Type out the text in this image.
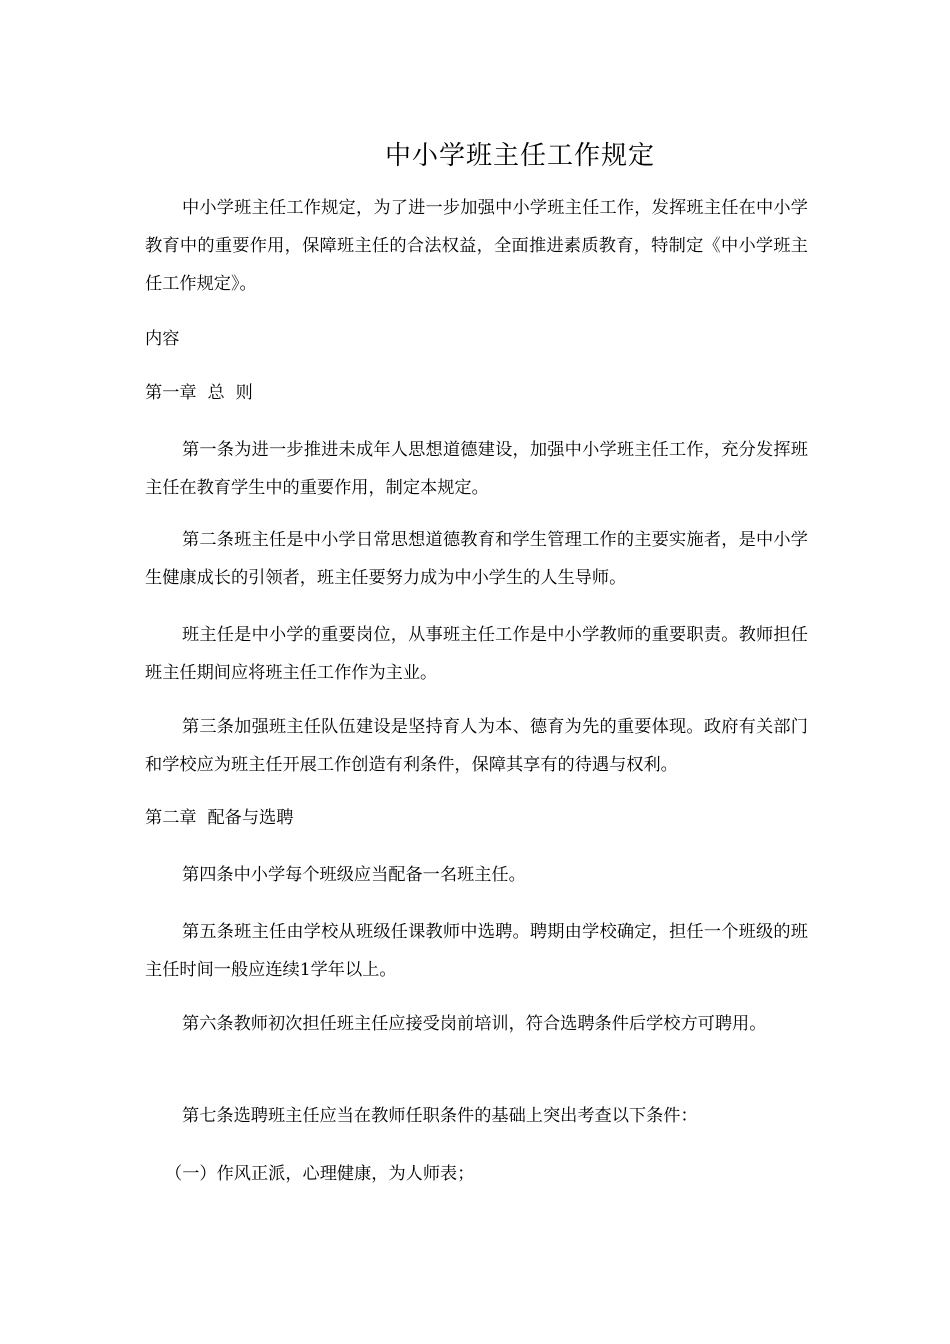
中小学班主任工作规定
中小学班主任工作规定，为了进一步加强中小学班主任工作，发挥班主任在中小学教育中的重要作用，保障班主任的合法权益，全面推进素质教育，特制定《中小学班主任工作规定》。
内容
第一章  总  则
第一条为进一步推进未成年人思想道德建设，加强中小学班主任工作，充分发挥班主任在教育学生中的重要作用，制定本规定。
第二条班主任是中小学日常思想道德教育和学生管理工作的主要实施者，是中小学生健康成长的引领者，班主任要努力成为中小学生的人生导师。
班主任是中小学的重要岗位，从事班主任工作是中小学教师的重要职责。教师担任班主任期间应将班主任工作作为主业。
第三条加强班主任队伍建设是坚持育人为本、德育为先的重要体现。政府有关部门和学校应为班主任开展工作创造有利条件，保障其享有的待遇与权利。
第二章  配备与选聘
第四条中小学每个班级应当配备一名班主任。
第五条班主任由学校从班级任课教师中选聘。聘期由学校确定，担任一个班级的班主任时间一般应连续1学年以上。
第六条教师初次担任班主任应接受岗前培训，符合选聘条件后学校方可聘用。
第七条选聘班主任应当在教师任职条件的基础上突出考查以下条件：
（一）作风正派，心理健康，为人师表；
